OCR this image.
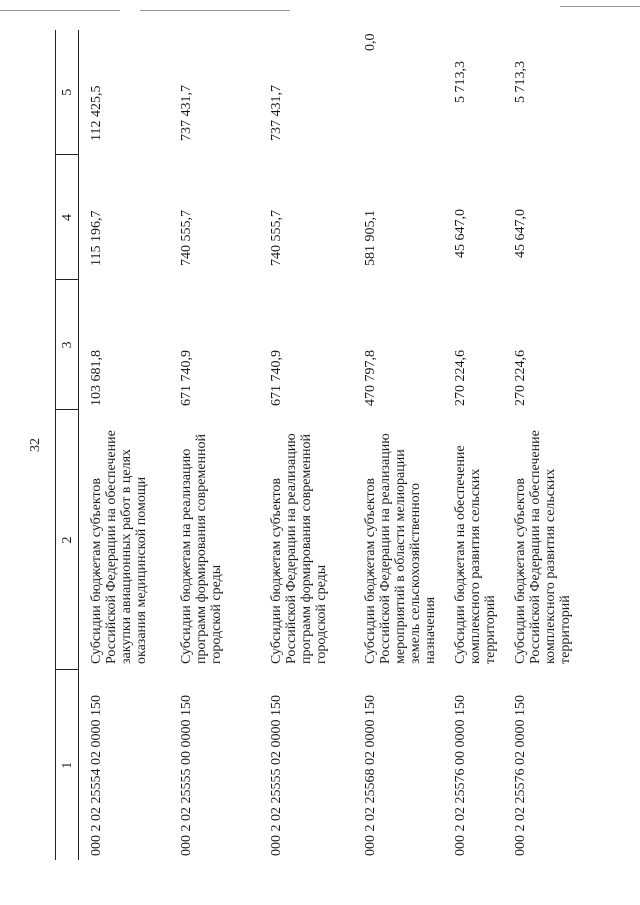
32
1	2	3	4	5
000 2 02 25554 02 0000 150	Субсидии бюджетам субъектов Российской Федерации на обеспечение закупки авиационных работ в целях оказания медицинской помощи	103 681,8	115 196,7	112 425,5
000 2 02 25555 00 0000 150	Субсидии бюджетам на реализацию программ формирования современной городской среды	671 740,9	740 555,7	737 431,7
000 2 02 25555 02 0000 150	Субсидии бюджетам субъектов Российской Федерации на реализацию программ формирования современной городской среды	671 740,9	740 555,7	737 431,7
000 2 02 25568 02 0000 150	Субсидии бюджетам субъектов Российской Федерации на реализацию мероприятий в области мелиорации земель сельскохозяйственного назначения	470 797,8	581 905,1	0,0
000 2 02 25576 00 0000 150	Субсидии бюджетам на обеспечение комплексного развития сельских территорий	270 224,6	45 647,0	5 713,3
000 2 02 25576 02 0000 150	Субсидии бюджетам субъектов Российской Федерации на обеспечение комплексного развития сельских территорий	270 224,6	45 647,0	5 713,3
